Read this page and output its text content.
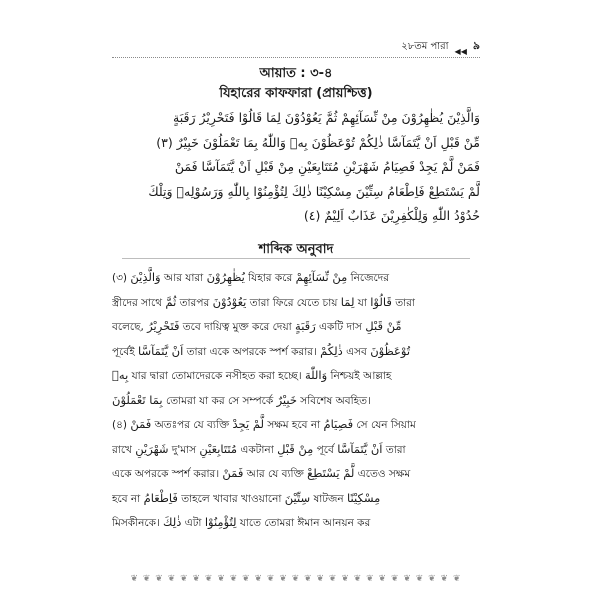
২৮তম পারা ◀◀ ৯
আয়াত : ৩-৪
যিহারের কাফফারা (প্রায়শ্চিত্ত)
وَالَّذِيْنَ يُظٰهِرُوْنَ مِنْ نِّسَآئِهِمْ ثُمَّ يَعُوْدُوْنَ لِمَا قَالُوْا فَتَحْرِيْرُ رَقَبَةٍ
مِّنْ قَبْلِ اَنْ يَّتَمَآسَّا ذٰلِكُمْ تُوْعَظُوْنَ بِهٖ وَاللّٰهُ بِمَا تَعْمَلُوْنَ خَبِيْرٌ (٣)
فَمَنْ لَّمْ يَجِدْ فَصِيَامُ شَهْرَيْنِ مُتَتَابِعَيْنِ مِنْ قَبْلِ اَنْ يَّتَمَآسَّا فَمَنْ
لَّمْ يَسْتَطِعْ فَاِطْعَامُ سِتِّيْنَ مِسْكِيْنًا ذٰلِكَ لِتُؤْمِنُوْا بِاللّٰهِ وَرَسُوْلِهٖ وَتِلْكَ
حُدُوْدُ اللّٰهِ وَلِلْكٰفِرِيْنَ عَذَابٌ اَلِيْمٌ (٤)
শাব্দিক অনুবাদ
(৩) وَالَّذِيْنَ আর যারা يُظٰهِرُوْنَ যিহার করে مِنْ نِّسَآئِهِمْ নিজেদের
স্ত্রীদের সাথে ثُمَّ তারপর يَعُوْدُوْنَ তারা ফিরে যেতে চায় لِمَا যা قَالُوْا তারা
বলেছে, فَتَحْرِيْرُ তবে দায়িত্ব মুক্ত করে দেয়া رَقَبَةٍ একটি দাস مِّنْ قَبْلِ
পূর্বেই اَنْ يَّتَمَآسَّا তারা একে অপরকে স্পর্শ করার। ذٰلِكُمْ এসব تُوْعَظُوْنَ
بِهٖ যার দ্বারা তোমাদেরকে নসীহত করা হচ্ছে। وَاللّٰهَ নিশ্চয়ই আল্লাহ
بِمَا تَعْمَلُوْنَ তোমরা যা কর সে সম্পর্কে خَبِيْرٌ সবিশেষ অবহিত।
(৪) فَمَنْ অতঃপর যে ব্যক্তি لَّمْ يَجِدْ সক্ষম হবে না فَصِيَامُ সে যেন সিয়াম
রাখে شَهْرَيْنِ দু'মাস مُتَتَابِعَيْنِ একটানা مِنْ قَبْلِ পূর্বে اَنْ يَّتَمَآسَّا তারা
একে অপরকে স্পর্শ করার। فَمَنْ আর যে ব্যক্তি لَّمْ يَسْتَطِعْ এতেও সক্ষম
হবে না فَاِطْعَامُ তাহলে খাবার খাওয়ানো سِتِّيْنَ ষাটজন مِسْكِيْنًا
মিসকীনকে। ذٰلِكَ এটা لِتُؤْمِنُوْا যাতে তোমরা ঈমান আনয়ন কর
❦ ❦ ❦ ❦ ❦ ❦ ❦ ❦ ❦ ❦ ❦ ❦ ❦ ❦ ❦ ❦ ❦ ❦ ❦ ❦ ❦ ❦ ❦ ❦ ❦ ❦ ❦
